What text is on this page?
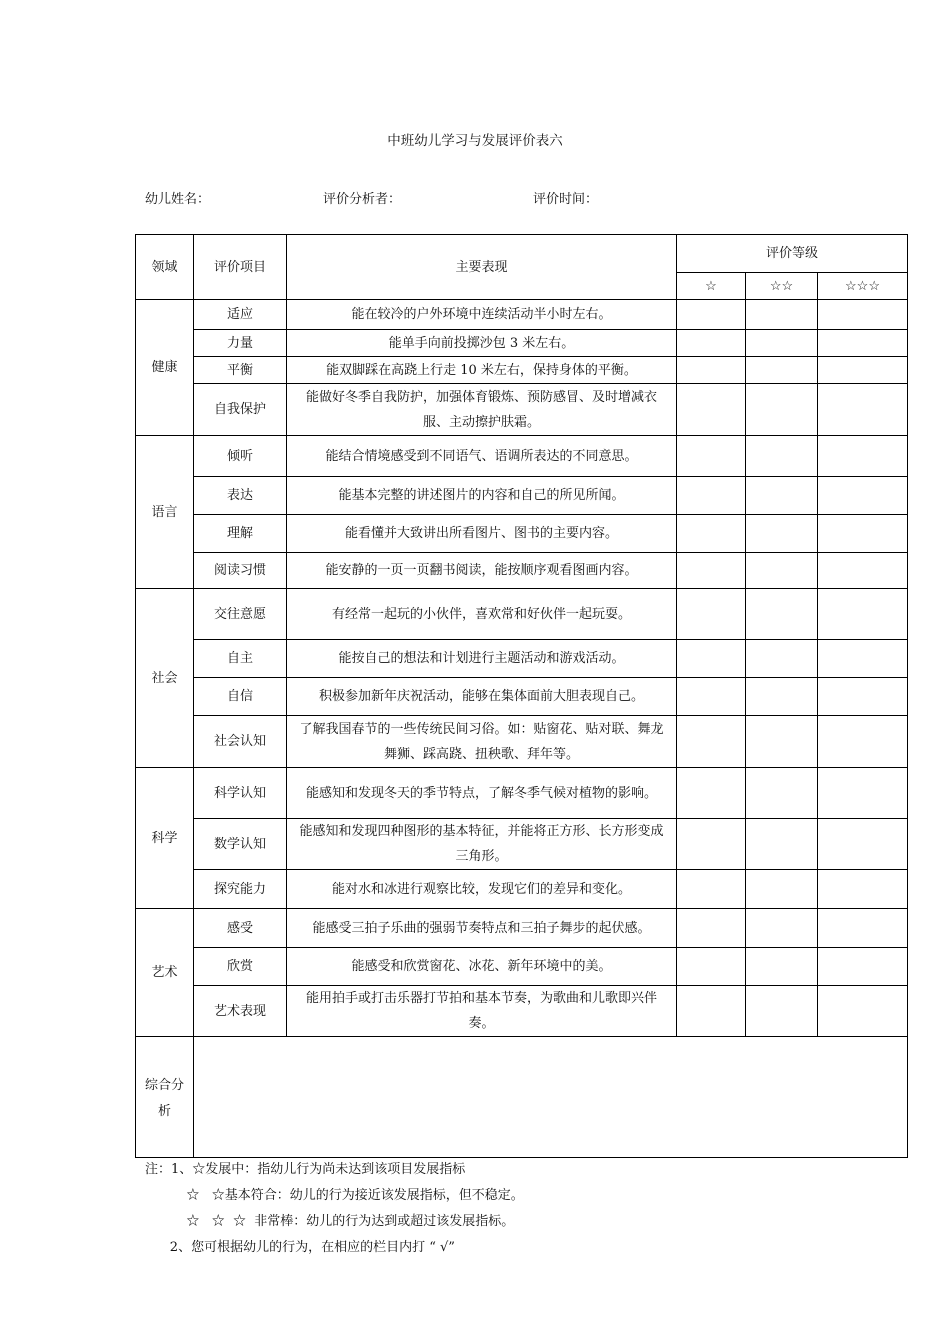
中班幼儿学习与发展评价表六
幼儿姓名：	评价分析者：	评价时间：
领域	评价项目	主要表现	评价等级		
			☆	☆☆	☆☆☆
健康	适应	能在较冷的户外环境中连续活动半小时左右。			
	力量	能单手向前投掷沙包 3 米左右。			
	平衡	能双脚踩在高跷上行走 10 米左右，保持身体的平衡。			
	自我保护	能做好冬季自我防护，加强体育锻炼、预防感冒、及时增减衣服、主动擦护肤霜。			
语言	倾听	能结合情境感受到不同语气、语调所表达的不同意思。			
	表达	能基本完整的讲述图片的内容和自己的所见所闻。			
	理解	能看懂并大致讲出所看图片、图书的主要内容。			
	阅读习惯	能安静的一页一页翻书阅读，能按顺序观看图画内容。			
社会	交往意愿	有经常一起玩的小伙伴，喜欢常和好伙伴一起玩耍。			
	自主	能按自己的想法和计划进行主题活动和游戏活动。			
	自信	积极参加新年庆祝活动，能够在集体面前大胆表现自己。			
	社会认知	了解我国春节的一些传统民间习俗。如：贴窗花、贴对联、舞龙舞狮、踩高跷、扭秧歌、拜年等。			
科学	科学认知	能感知和发现冬天的季节特点，了解冬季气候对植物的影响。			
	数学认知	能感知和发现四种图形的基本特征，并能将正方形、长方形变成三角形。			
	探究能力	能对水和冰进行观察比较，发现它们的差异和变化。			
艺术	感受	能感受三拍子乐曲的强弱节奏特点和三拍子舞步的起伏感。			
	欣赏	能感受和欣赏窗花、冰花、新年环境中的美。			
	艺术表现	能用拍手或打击乐器打节拍和基本节奏，为歌曲和儿歌即兴伴奏。			
综合分析					
注：1、☆发展中：指幼儿行为尚未达到该项目发展指标
☆   ☆基本符合：幼儿的行为接近该发展指标，但不稳定。
☆   ☆  ☆  非常棒：幼儿的行为达到或超过该发展指标。
2、您可根据幼儿的行为，在相应的栏目内打 “ √”
